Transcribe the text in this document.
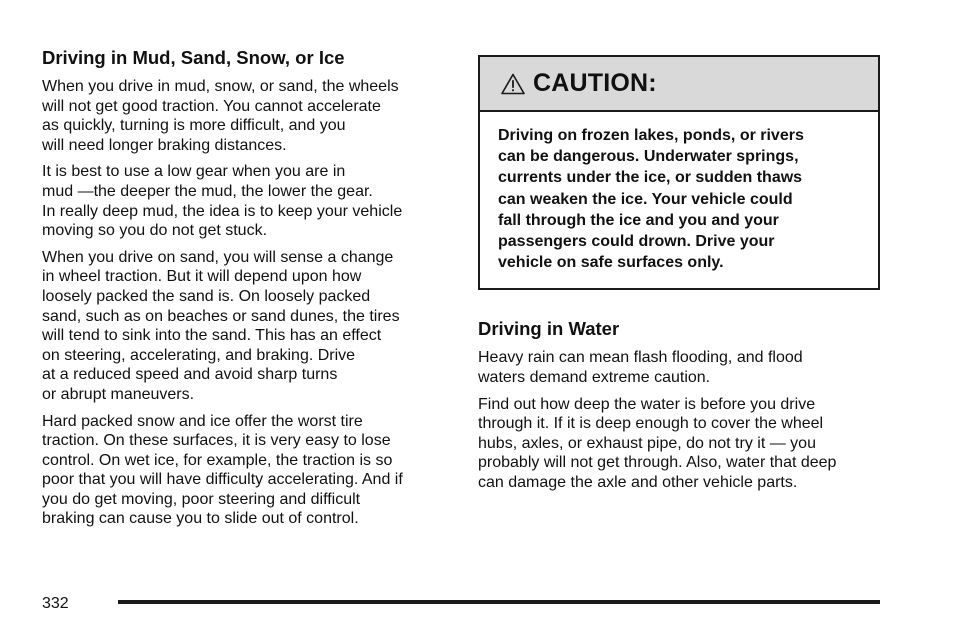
Driving in Mud, Sand, Snow, or Ice

When you drive in mud, snow, or sand, the wheels
will not get good traction. You cannot accelerate
as quickly, turning is more difficult, and you
will need longer braking distances.

It is best to use a low gear when you are in
mud —the deeper the mud, the lower the gear.
In really deep mud, the idea is to keep your vehicle
moving so you do not get stuck.

When you drive on sand, you will sense a change
in wheel traction. But it will depend upon how
loosely packed the sand is. On loosely packed
sand, such as on beaches or sand dunes, the tires
will tend to sink into the sand. This has an effect
on steering, accelerating, and braking. Drive
at a reduced speed and avoid sharp turns
or abrupt maneuvers.

Hard packed snow and ice offer the worst tire
traction. On these surfaces, it is very easy to lose
control. On wet ice, for example, the traction is so
poor that you will have difficulty accelerating. And if
you do get moving, poor steering and difficult
braking can cause you to slide out of control.

CAUTION:
Driving on frozen lakes, ponds, or rivers
can be dangerous. Underwater springs,
currents under the ice, or sudden thaws
can weaken the ice. Your vehicle could
fall through the ice and you and your
passengers could drown. Drive your
vehicle on safe surfaces only.
Driving in Water

Heavy rain can mean flash flooding, and flood
waters demand extreme caution.

Find out how deep the water is before you drive
through it. If it is deep enough to cover the wheel
hubs, axles, or exhaust pipe, do not try it — you
probably will not get through. Also, water that deep
can damage the axle and other vehicle parts.

332
